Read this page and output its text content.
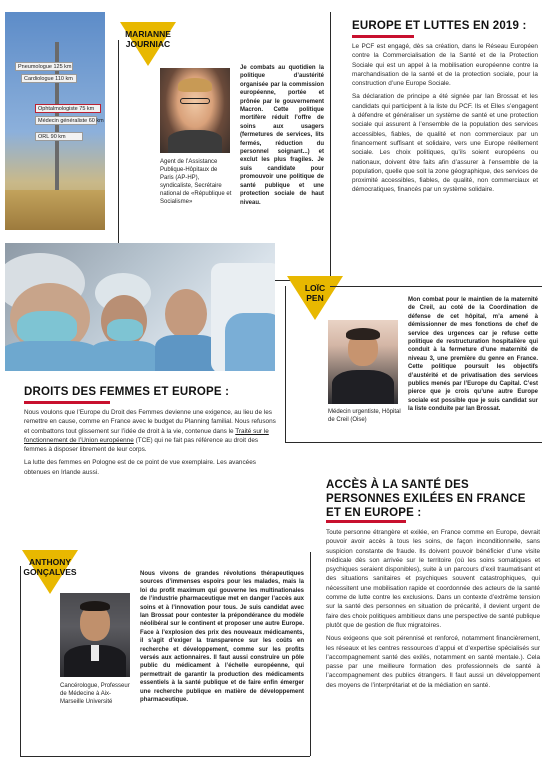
Pneumologue 125 km
Cardiologue 110 km
Ophtalmologiste 75 km
Médecin généraliste 60 km
ORL 90 km
MARIANNE
JOURNIAC
Agent de l’Assistance Publique-Hôpitaux de Paris (AP-HP), syndicaliste, Secrétaire national de «République et Socialisme»
Je combats au quotidien la politique d’austérité organisée par la commission européenne, portée et prônée par le gouvernement Macron. Cette politique mortifère réduit l’offre de soins aux usagers (fermetures de services, lits fermés, réduction du personnel soignant...) et exclut les plus fragiles. Je suis candidate pour promouvoir une politique de santé publique et une protection sociale de haut niveau.
EUROPE ET LUTTES EN 2019 :

Le PCF est engagé, dès sa création, dans le Réseau Européen contre la Commercialisation de la Santé et de la Protection Sociale qui est un appel à la mobilisation européenne contre la marchandisation de la santé et de la protection sociale, pour la construction d’une Europe Sociale.

Sa déclaration de principe a été signée par Ian Brossat et les candidats qui participent à la liste du PCF. Ils et Elles s’engagent à défendre et généraliser un système de santé et une protection sociale qui assurent à l’ensemble de la population des services accessibles, fiables, de qualité et non commerciaux par un financement suffisant et solidaire, vers une Europe réellement sociale. Les choix politiques, qu’ils soient européens ou nationaux, doivent être faits afin d’assurer à l’ensemble de la population, quelle que soit la zone géographique, des services de proximité accessibles, fiables, de qualité, non commerciaux et démocratiques, financés par un système solidaire.

LOÏC
PEN
Médecin urgentiste, Hôpital de Creil (Oise)
Mon combat pour le maintien de la maternité de Creil, au coté de la Coordination de défense de cet hôpital, m’a amené à démissionner de mes fonctions de chef de service des urgences car je refuse cette politique de restructuration hospitalière qui conduit à la fermeture d’une maternité de niveau 3, une première du genre en France. Cette politique poursuit les objectifs d’austérité et de privatisation des services publics menés par l’Europe du Capital. C’est pierce que je crois qu’une autre Europe sociale est possible que je suis candidat sur la liste conduite par Ian Brossat.
DROITS DES FEMMES ET EUROPE :

Nous voulons que l’Europe du Droit des Femmes devienne une exigence, au lieu de les remettre en cause, comme en France avec le budget du Planning familial. Nous refusons et combattons tout glissement sur l’idée de droit à la vie, contenue dans le Traité sur le fonctionnement de l’Union européenne (TCE) qui ne fait pas référence au droit des femmes à disposer librement de leur corps.

La lutte des femmes en Pologne est de ce point de vue exemplaire. Les avancées obtenues en Irlande aussi.

ACCÈS À LA SANTÉ DES
PERSONNES EXILÉES EN FRANCE
ET EN EUROPE :

Toute personne étrangère et exilée, en France comme en Europe, devrait pouvoir avoir accès à tous les soins, de façon inconditionnelle, sans suspicion constante de fraude. Ils doivent pouvoir bénéficier d’une visite médicale dès son arrivée sur le territoire (où les soins somatiques et psychiques seraient disponibles), suite à un parcours d’exil traumatisant et des situations sanitaires et psychiques souvent catastrophiques, qui nécessitent une mobilisation rapide et coordonnée des acteurs de la santé comme de lutte contre les exclusions. Dans un contexte d’extrême tension sur la santé des personnes en situation de précarité, il devient urgent de faire des choix politiques ambitieux dans une perspective de santé publique plutôt que de gestion de flux migratoires.

Nous exigeons que soit pérennisé et renforcé, notamment financièrement, les réseaux et les centres ressources d’appui et d’expertise spécialisés sur l’accompagnement santé des exilés, notamment en santé mentale.). Cela passe par une meilleure formation des professionnels de santé à l’accompagnement des publics étrangers. Il faut aussi un développement des moyens de l’interprétariat et de la médiation en santé.

ANTHONY
GONÇALVES
Cancérologue, Professeur de Médecine à Aix-Marseille Université
Nous vivons de grandes révolutions thérapeutiques sources d’immenses espoirs pour les malades, mais la loi du profit maximum qui gouverne les multinationales de l’industrie pharmaceutique met en danger l’accès aux soins et à l’innovation pour tous. Je suis candidat avec Ian Brossat pour contester la prépondérance du modèle néolibéral sur le continent et proposer une autre Europe. Face à l’explosion des prix des nouveaux médicaments, il s’agit d’exiger la transparence sur les coûts en recherche et développement, comme sur les profits versés aux actionnaires. Il faut aussi construire un pôle public du médicament à l’échelle européenne, qui permettrait de garantir la production des médicaments essentiels à la santé publique et de faire enfin émerger une recherche publique en matière de développement pharmaceutique.
